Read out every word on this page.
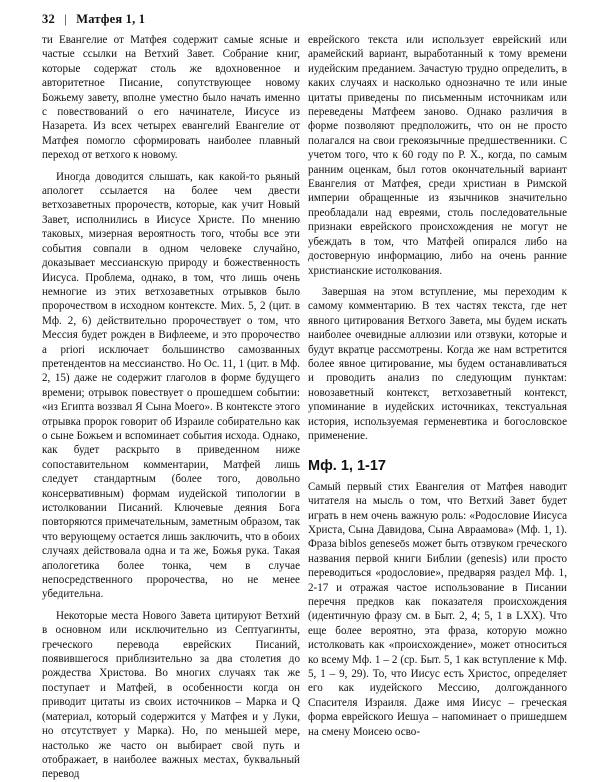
32 | Матфея 1, 1

ти Евангелие от Матфея содержит самые ясные и частые ссылки на Ветхий Завет. Собрание книг, которые содержат столь же вдохновенное и авторитетное Писание, сопутствующее новому Божьему завету, вполне уместно было начать именно с повествований о его начинателе, Иисусе из Назарета. Из всех четырех евангелий Евангелие от Матфея помогло сформировать наиболее плавный переход от ветхого к новому.

Иногда доводится слышать, как какой-то рьяный апологет ссылается на более чем двести ветхозаветных пророчеств, которые, как учит Новый Завет, исполнились в Иисусе Христе. По мнению таковых, мизерная вероятность того, чтобы все эти события совпали в одном человеке случайно, доказывает мессианскую природу и божественность Иисуса. Проблема, однако, в том, что лишь очень немногие из этих ветхозаветных отрывков было пророчеством в исходном контексте. Мих. 5, 2 (цит. в Мф. 2, 6) действительно пророчествует о том, что Мессия будет рожден в Вифлееме, и это пророчество a priori исключает большинство самозванных претендентов на мессианство. Но Ос. 11, 1 (цит. в Мф. 2, 15) даже не содержит глаголов в форме будущего времени; отрывок повествует о прошедшем событии: «из Египта воззвал Я Сына Моего». В контексте этого отрывка пророк говорит об Израиле собирательно как о сыне Божьем и вспоминает события исхода. Однако, как будет раскрыто в приведенном ниже сопоставительном комментарии, Матфей лишь следует стандартным (более того, довольно консервативным) формам иудейской типологии в истолковании Писаний. Ключевые деяния Бога повторяются примечательным, заметным образом, так что верующему остается лишь заключить, что в обоих случаях действовала одна и та же, Божья рука. Такая апологетика более тонка, чем в случае непосредственного пророчества, но не менее убедительна.

Некоторые места Нового Завета цитируют Ветхий в основном или исключительно из Септуагинты, греческого перевода еврейских Писаний, появившегося приблизительно за два столетия до рождества Христова. Во многих случаях так же поступает и Матфей, в особенности когда он приводит цитаты из своих источников – Марка и Q (материал, который содержится у Матфея и у Луки, но отсутствует у Марка). Но, по меньшей мере, настолько же часто он выбирает свой путь и отображает, в наиболее важных местах, буквальный перевод

еврейского текста или использует еврейский или арамейский вариант, выработанный к тому времени иудейским преданием. Зачастую трудно определить, в каких случаях и насколько однозначно те или иные цитаты приведены по письменным источникам или переведены Матфеем заново. Однако различия в форме позволяют предположить, что он не просто полагался на свои грекоязычные предшественники. С учетом того, что к 60 году по Р. Х., когда, по самым ранним оценкам, был готов окончательный вариант Евангелия от Матфея, среди христиан в Римской империи обращенные из язычников значительно преобладали над евреями, столь последовательные признаки еврейского происхождения не могут не убеждать в том, что Матфей опирался либо на достоверную информацию, либо на очень ранние христианские истолкования.

Завершая на этом вступление, мы переходим к самому комментарию. В тех частях текста, где нет явного цитирования Ветхого Завета, мы будем искать наиболее очевидные аллюзии или отзвуки, которые и будут вкратце рассмотрены. Когда же нам встретится более явное цитирование, мы будем останавливаться и проводить анализ по следующим пунктам: новозаветный контекст, ветхозаветный контекст, упоминание в иудейских источниках, текстуальная история, используемая герменевтика и богословское применение.

Мф. 1, 1-17

Самый первый стих Евангелия от Матфея наводит читателя на мысль о том, что Ветхий Завет будет играть в нем очень важную роль: «Родословие Иисуса Христа, Сына Давидова, Сына Авраамова» (Мф. 1, 1). Фраза biblos geneseōs может быть отзвуком греческого названия первой книги Библии (genesis) или просто переводиться «родословие», предваряя раздел Мф. 1, 2-17 и отражая частое использование в Писании перечня предков как показателя происхождения (идентичную фразу см. в Быт. 2, 4; 5, 1 в LXX). Что еще более вероятно, эта фраза, которую можно истолковать как «происхождение», может относиться ко всему Мф. 1 – 2 (ср. Быт. 5, 1 как вступление к Мф. 5, 1 – 9, 29). То, что Иисус есть Христос, определяет его как иудейского Мессию, долгожданного Спасителя Израиля. Даже имя Иисус – греческая форма еврейского Иешуа – напоминает о пришедшем на смену Моисею осво-
